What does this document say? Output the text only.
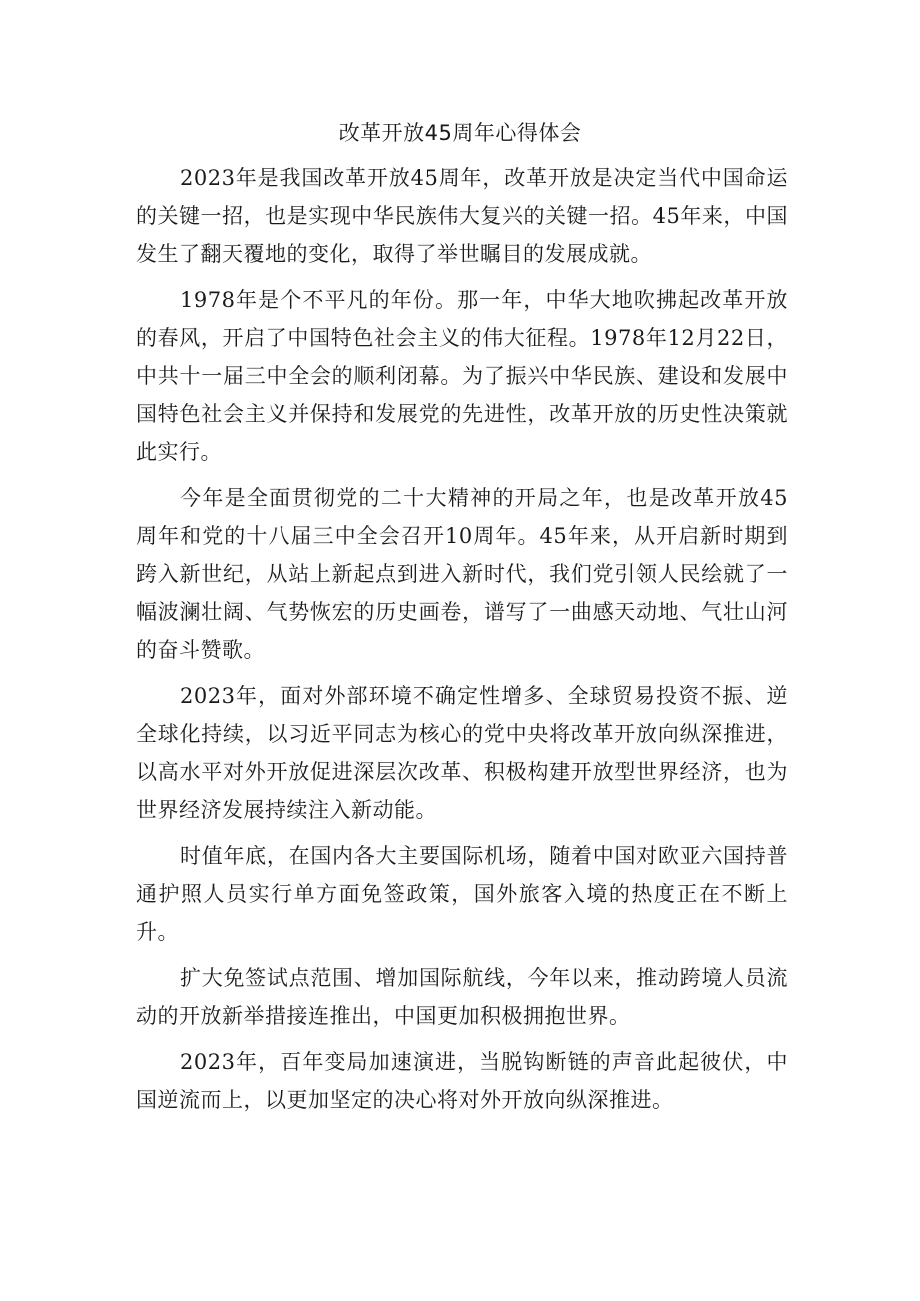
改革开放45周年心得体会

2023年是我国改革开放45周年，改革开放是决定当代中国命运的关键一招，也是实现中华民族伟大复兴的关键一招。45年来，中国发生了翻天覆地的变化，取得了举世瞩目的发展成就。

1978年是个不平凡的年份。那一年，中华大地吹拂起改革开放的春风，开启了中国特色社会主义的伟大征程。1978年12月22日，中共十一届三中全会的顺利闭幕。为了振兴中华民族、建设和发展中国特色社会主义并保持和发展党的先进性，改革开放的历史性决策就此实行。

今年是全面贯彻党的二十大精神的开局之年，也是改革开放45周年和党的十八届三中全会召开10周年。45年来，从开启新时期到跨入新世纪，从站上新起点到进入新时代，我们党引领人民绘就了一幅波澜壮阔、气势恢宏的历史画卷，谱写了一曲感天动地、气壮山河的奋斗赞歌。

2023年，面对外部环境不确定性增多、全球贸易投资不振、逆全球化持续，以习近平同志为核心的党中央将改革开放向纵深推进，以高水平对外开放促进深层次改革、积极构建开放型世界经济，也为世界经济发展持续注入新动能。

时值年底，在国内各大主要国际机场，随着中国对欧亚六国持普通护照人员实行单方面免签政策，国外旅客入境的热度正在不断上升。

扩大免签试点范围、增加国际航线，今年以来，推动跨境人员流动的开放新举措接连推出，中国更加积极拥抱世界。

2023年，百年变局加速演进，当脱钩断链的声音此起彼伏，中国逆流而上，以更加坚定的决心将对外开放向纵深推进。
